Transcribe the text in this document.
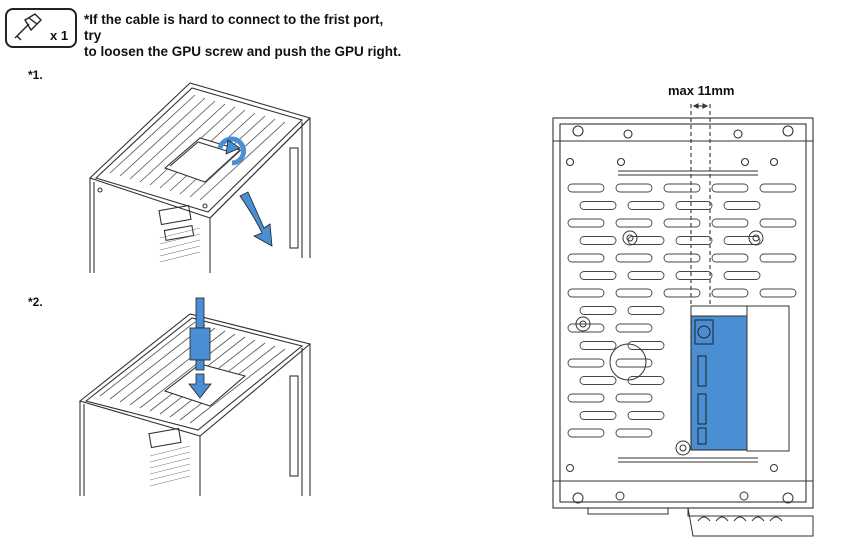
x 1
*If the cable is hard to connect to the frist port, try
to loosen the GPU screw and push the GPU right.
*1.
*2.
max 11mm
